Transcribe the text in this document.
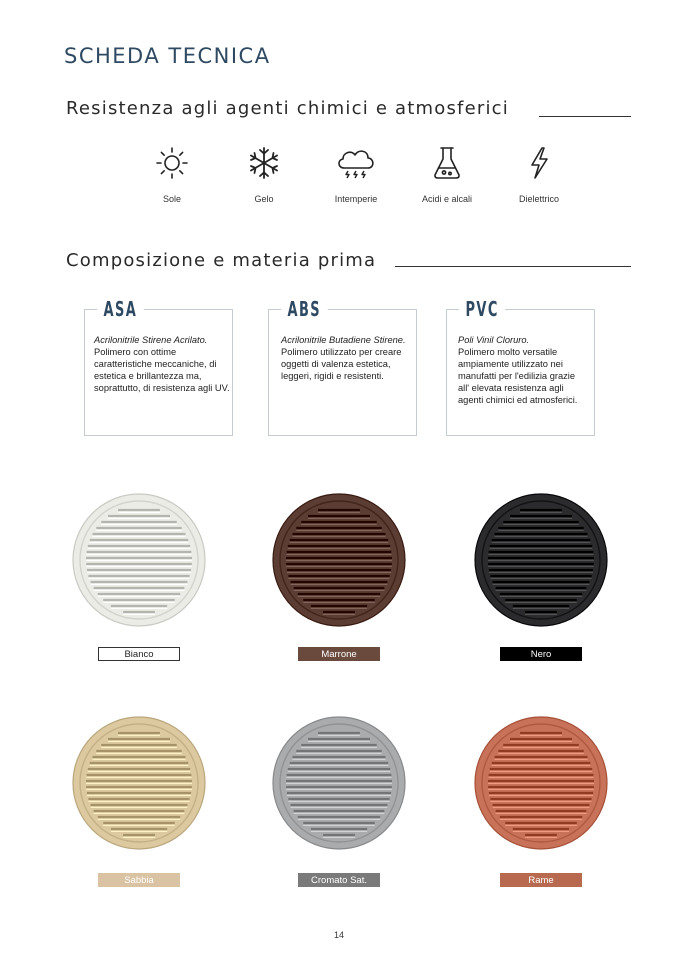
SCHEDA TECNICA
Resistenza agli agenti chimici e atmosferici
Sole	Gelo	Intemperie	Acidi e alcali	Dielettrico
Composizione e materia prima
ASA
Acrilonitrile Stirene Acrilato.
Polimero con ottime caratteristiche meccaniche, di estetica e brillantezza ma, soprattutto, di resistenza agli UV.
ABS
Acrilonitrile Butadiene Stirene.
Polimero utilizzato per creare oggetti di valenza estetica, leggeri, rigidi e resistenti.
PVC
Poli Vinil Cloruro.
Polimero molto versatile ampiamente utilizzato nei manufatti per l'edilizia grazie all' elevata resistenza agli agenti chimici ed atmosferici.
Bianco	Marrone	Nero
Sabbia	Cromato Sat.	Rame
14
